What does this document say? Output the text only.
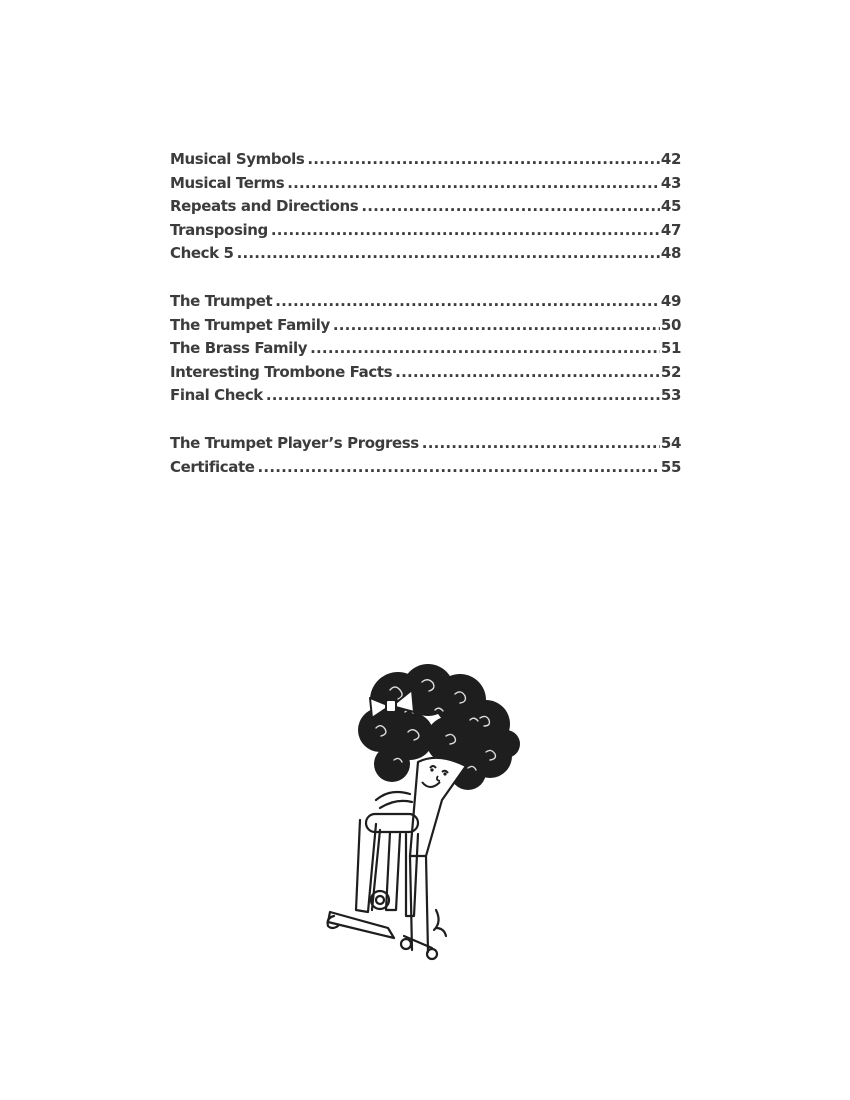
Musical Symbols .....	42
Musical Terms .....	43
Repeats and Directions .....	45
Transposing .....	47
Check 5 .....	48
The Trumpet .....	49
The Trumpet Family .....	50
The Brass Family .....	51
Interesting Trombone Facts .....	52
Final Check .....	53
The Trumpet Player’s Progress .....	54
Certificate .....	55
